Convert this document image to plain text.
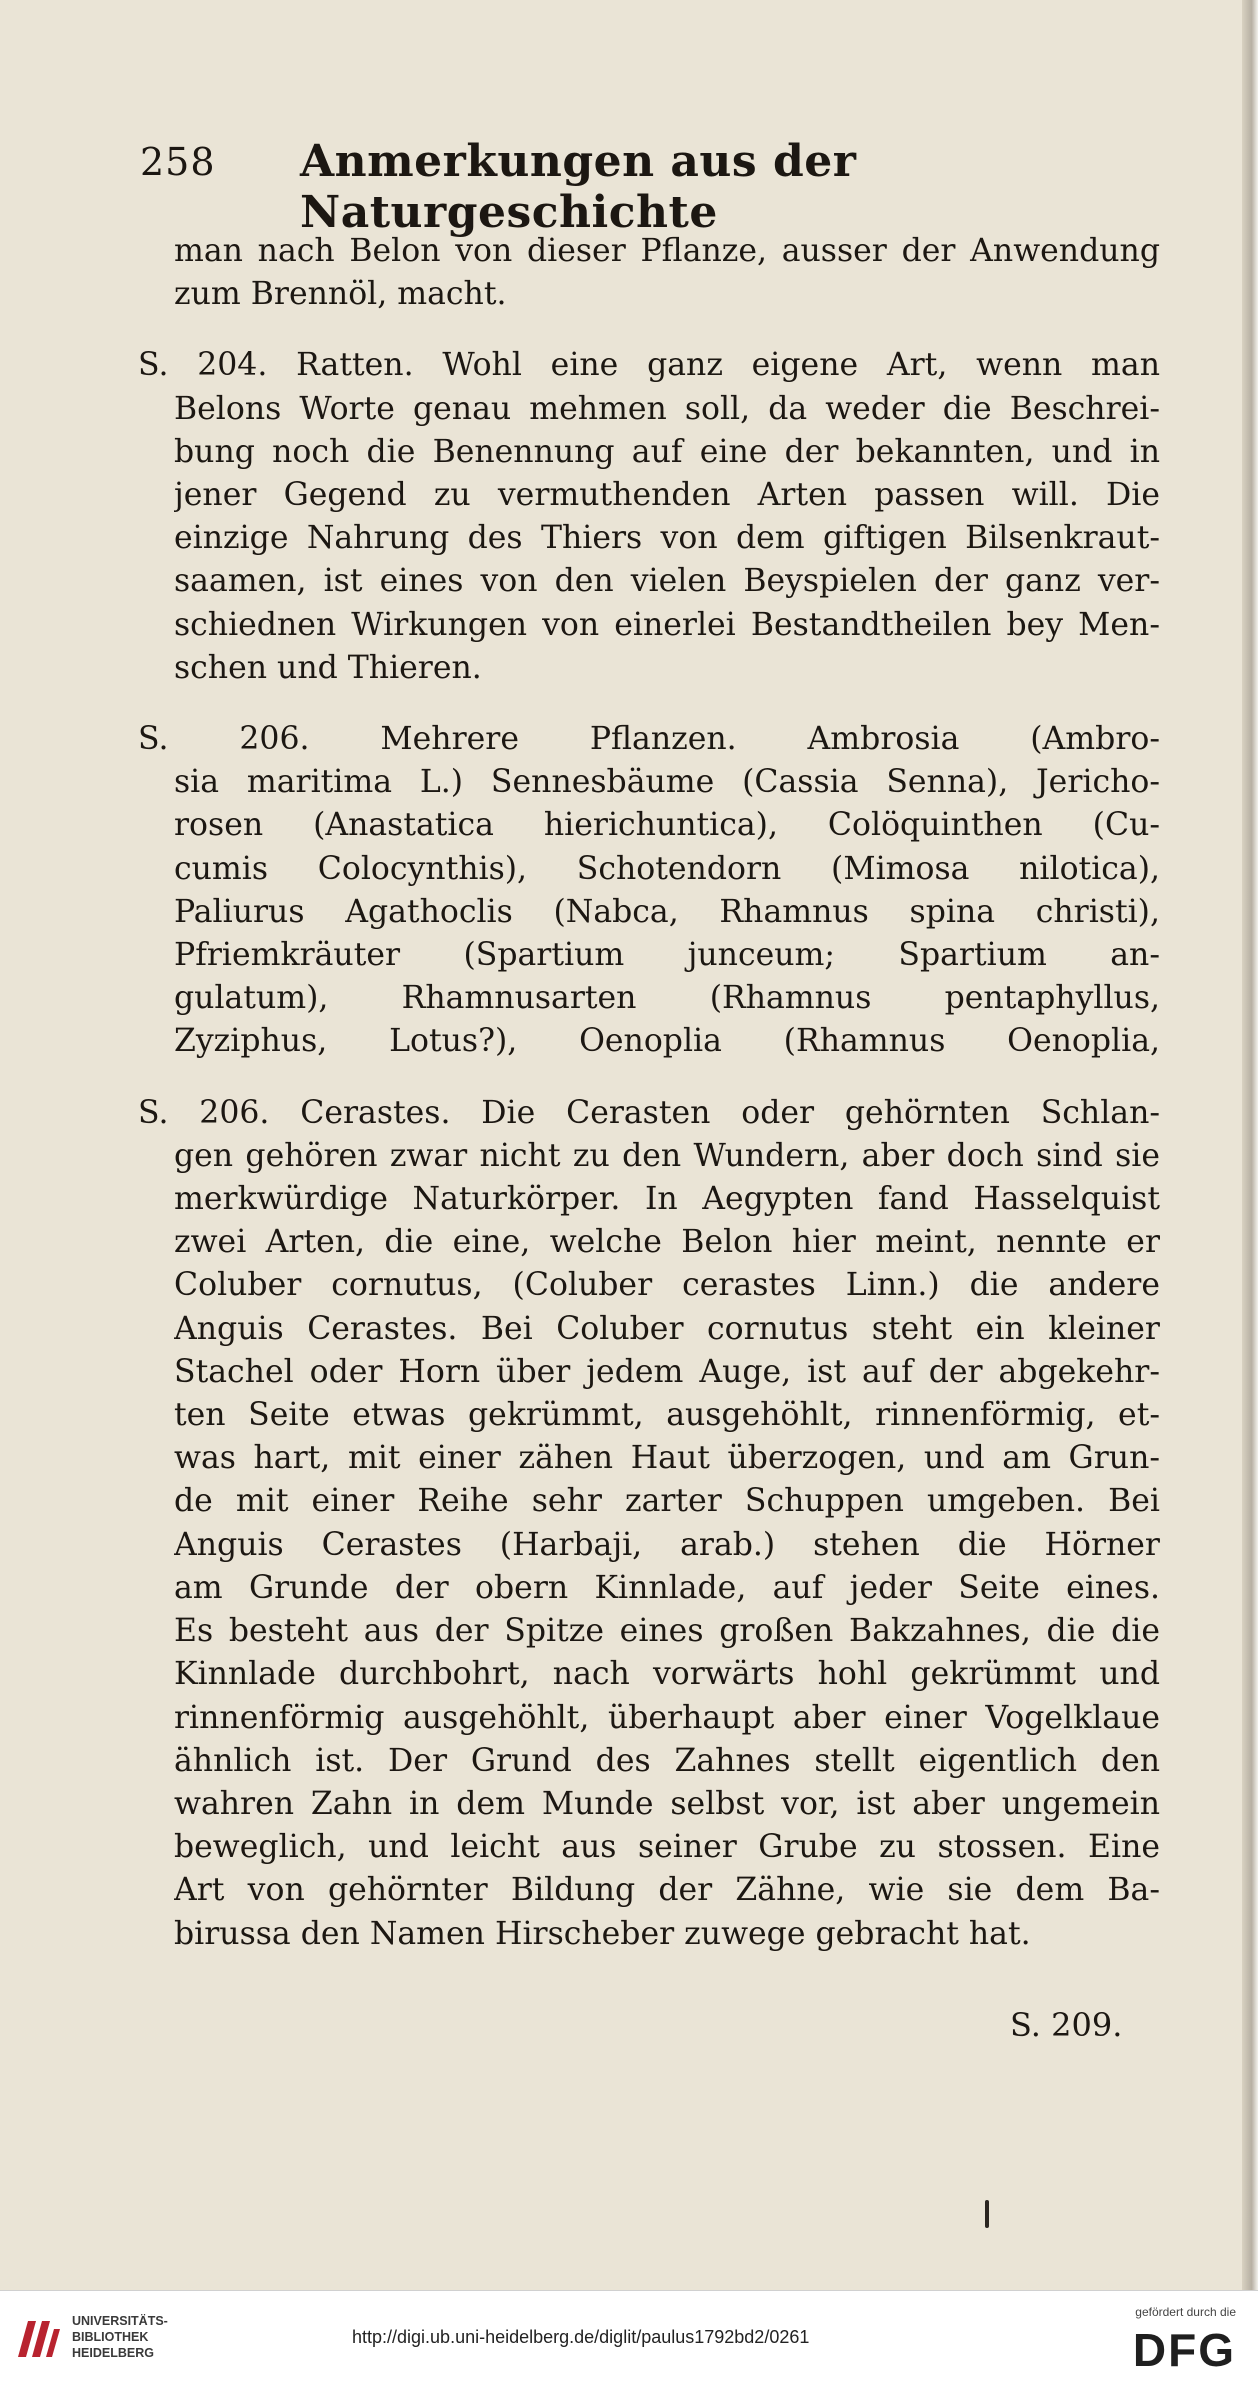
258 Anmerkungen aus der Naturgeschichte

man nach Belon von dieser Pflanze, ausser der Anwendung
zum Brennöl, macht.

S. 204. Ratten. Wohl eine ganz eigene Art, wenn man
Belons Worte genau mehmen soll, da weder die Beschrei-
bung noch die Benennung auf eine der bekannten, und in
jener Gegend zu vermuthenden Arten passen will. Die
einzige Nahrung des Thiers von dem giftigen Bilsenkraut-
saamen, ist eines von den vielen Beyspielen der ganz ver-
schiednen Wirkungen von einerlei Bestandtheilen bey Men-
schen und Thieren.

S. 206. Mehrere Pflanzen. Ambrosia (Ambro-
sia maritima L.) Sennesbäume (Cassia Senna), Jericho-
rosen (Anastatica hierichuntica), Colöquinthen (Cu-
cumis Colocynthis), Schotendorn (Mimosa nilotica),
Paliurus Agathoclis (Nabca, Rhamnus spina christi),
Pfriemkräuter (Spartium junceum; Spartium an-
gulatum), Rhamnusarten (Rhamnus pentaphyllus,
Zyziphus, Lotus?), Oenoplia (Rhamnus Oenoplia,

S. 206. Cerastes. Die Cerasten oder gehörnten Schlan-
gen gehören zwar nicht zu den Wundern, aber doch sind sie
merkwürdige Naturkörper. In Aegypten fand Hasselquist
zwei Arten, die eine, welche Belon hier meint, nennte er
Coluber cornutus, (Coluber cerastes Linn.) die andere
Anguis Cerastes. Bei Coluber cornutus steht ein kleiner
Stachel oder Horn über jedem Auge, ist auf der abgekehr-
ten Seite etwas gekrümmt, ausgehöhlt, rinnenförmig, et-
was hart, mit einer zähen Haut überzogen, und am Grun-
de mit einer Reihe sehr zarter Schuppen umgeben. Bei
Anguis Cerastes (Harbaji, arab.) stehen die Hörner
am Grunde der obern Kinnlade, auf jeder Seite eines.
Es besteht aus der Spitze eines großen Bakzahnes, die die
Kinnlade durchbohrt, nach vorwärts hohl gekrümmt und
rinnenförmig ausgehöhlt, überhaupt aber einer Vogelklaue
ähnlich ist. Der Grund des Zahnes stellt eigentlich den
wahren Zahn in dem Munde selbst vor, ist aber ungemein
beweglich, und leicht aus seiner Grube zu stossen. Eine
Art von gehörnter Bildung der Zähne, wie sie dem Ba-
birussa den Namen Hirscheber zuwege gebracht hat.

S. 209.
UNIVERSITÄTS-
BIBLIOTHEK
HEIDELBERG
http://digi.ub.uni-heidelberg.de/diglit/paulus1792bd2/0261
gefördert durch die
DFG
